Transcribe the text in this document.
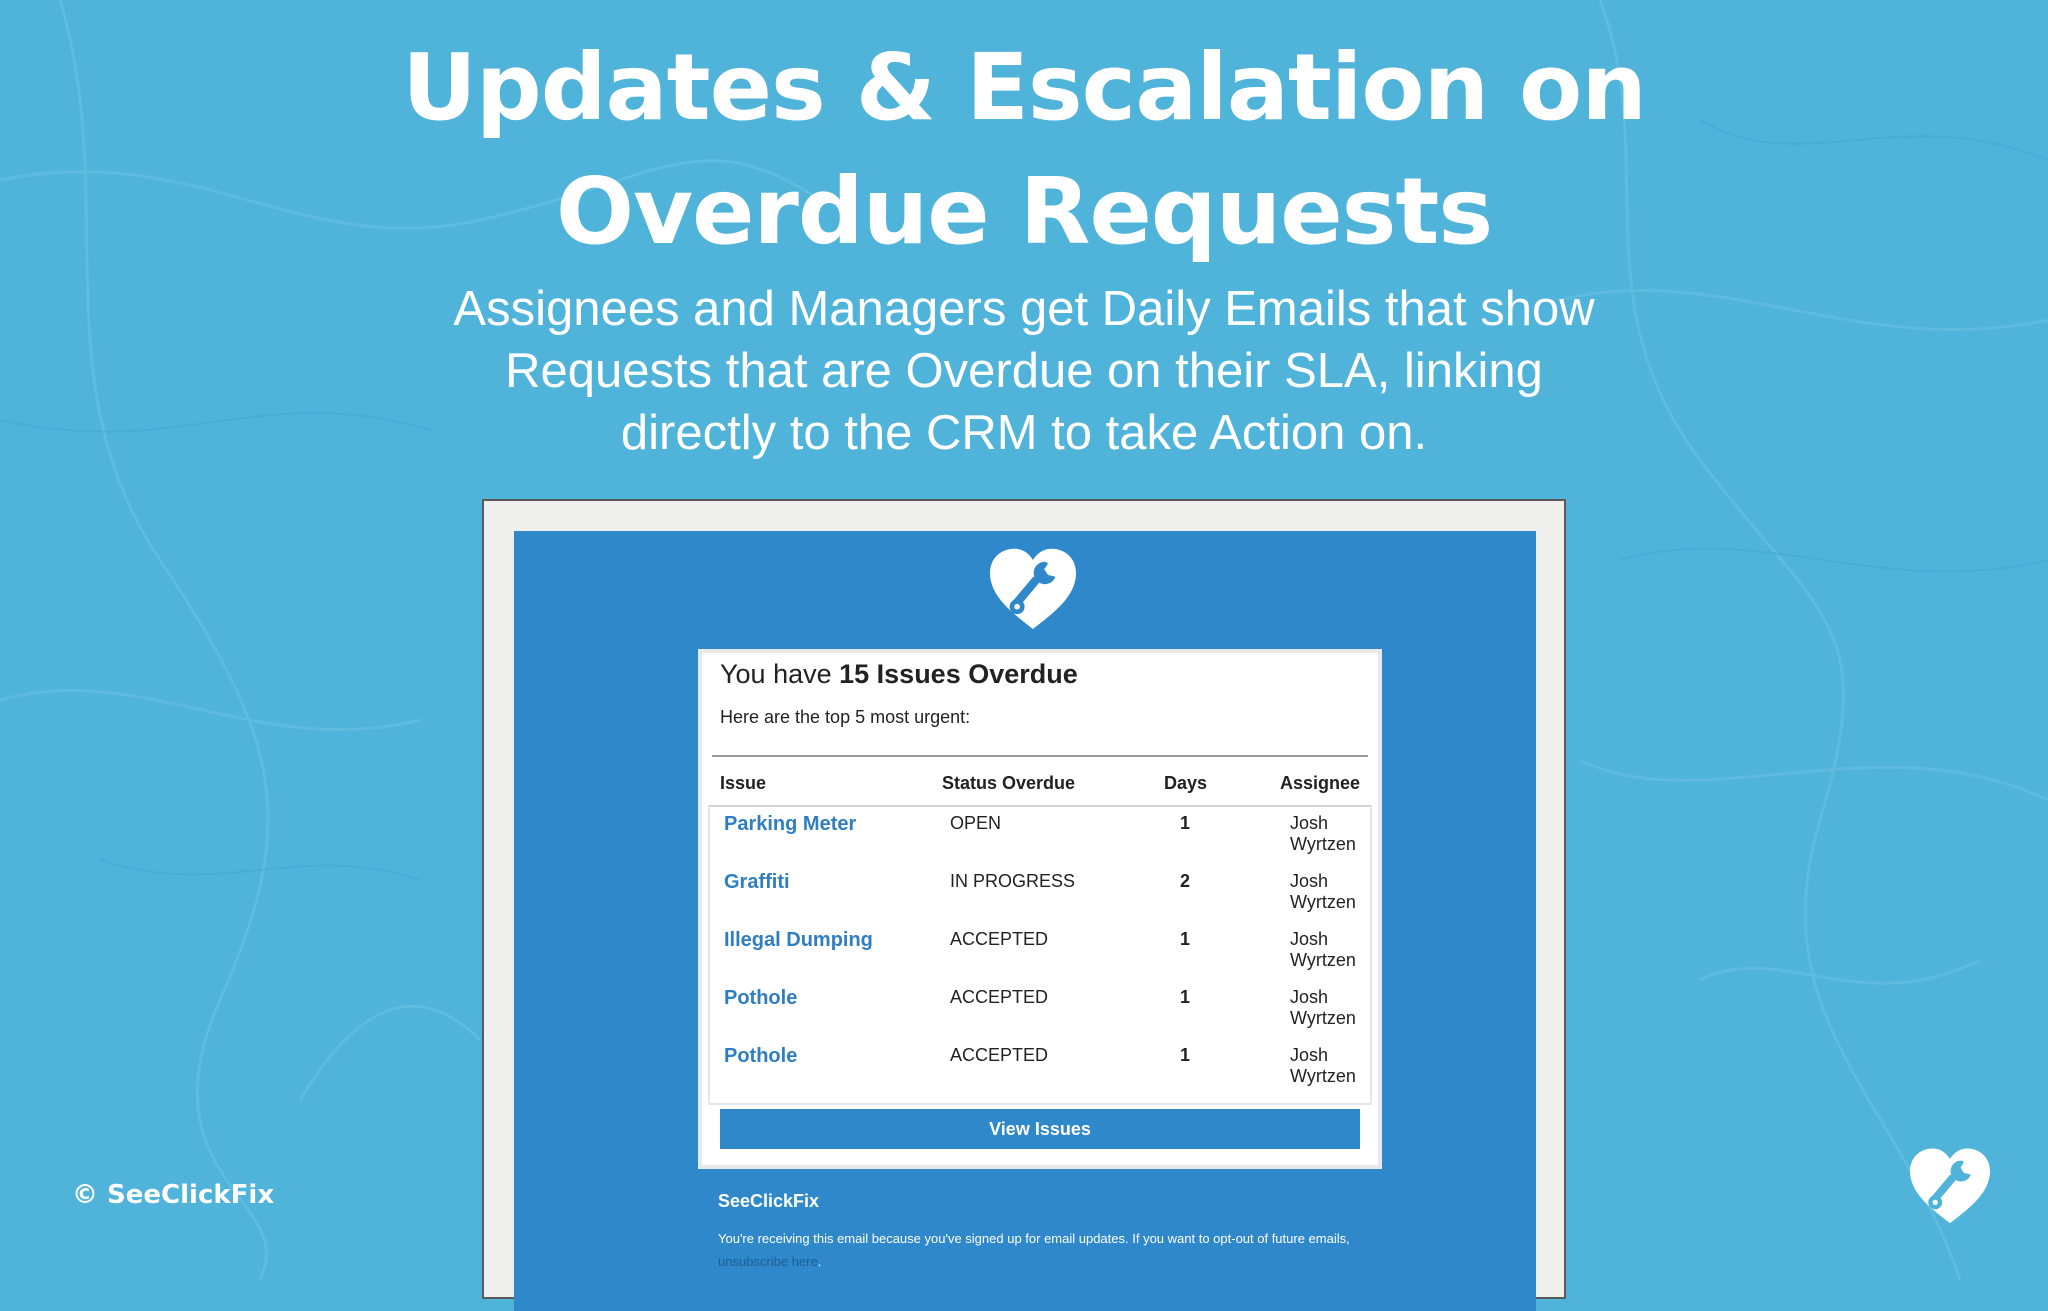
Updates & Escalation on
Overdue Requests
Assignees and Managers get Daily Emails that show
Requests that are Overdue on their SLA, linking
directly to the CRM to take Action on.
You have 15 Issues Overdue
Here are the top 5 most urgent:
Issue	Status Overdue	Days	Assignee
Parking Meter	OPEN	1	Josh Wyrtzen
Graffiti	IN PROGRESS	2	Josh Wyrtzen
Illegal Dumping	ACCEPTED	1	Josh Wyrtzen
Pothole	ACCEPTED	1	Josh Wyrtzen
Pothole	ACCEPTED	1	Josh Wyrtzen
View Issues
SeeClickFix
You're receiving this email because you've signed up for email updates. If you want to opt-out of future emails, unsubscribe here.
© SeeClickFix
